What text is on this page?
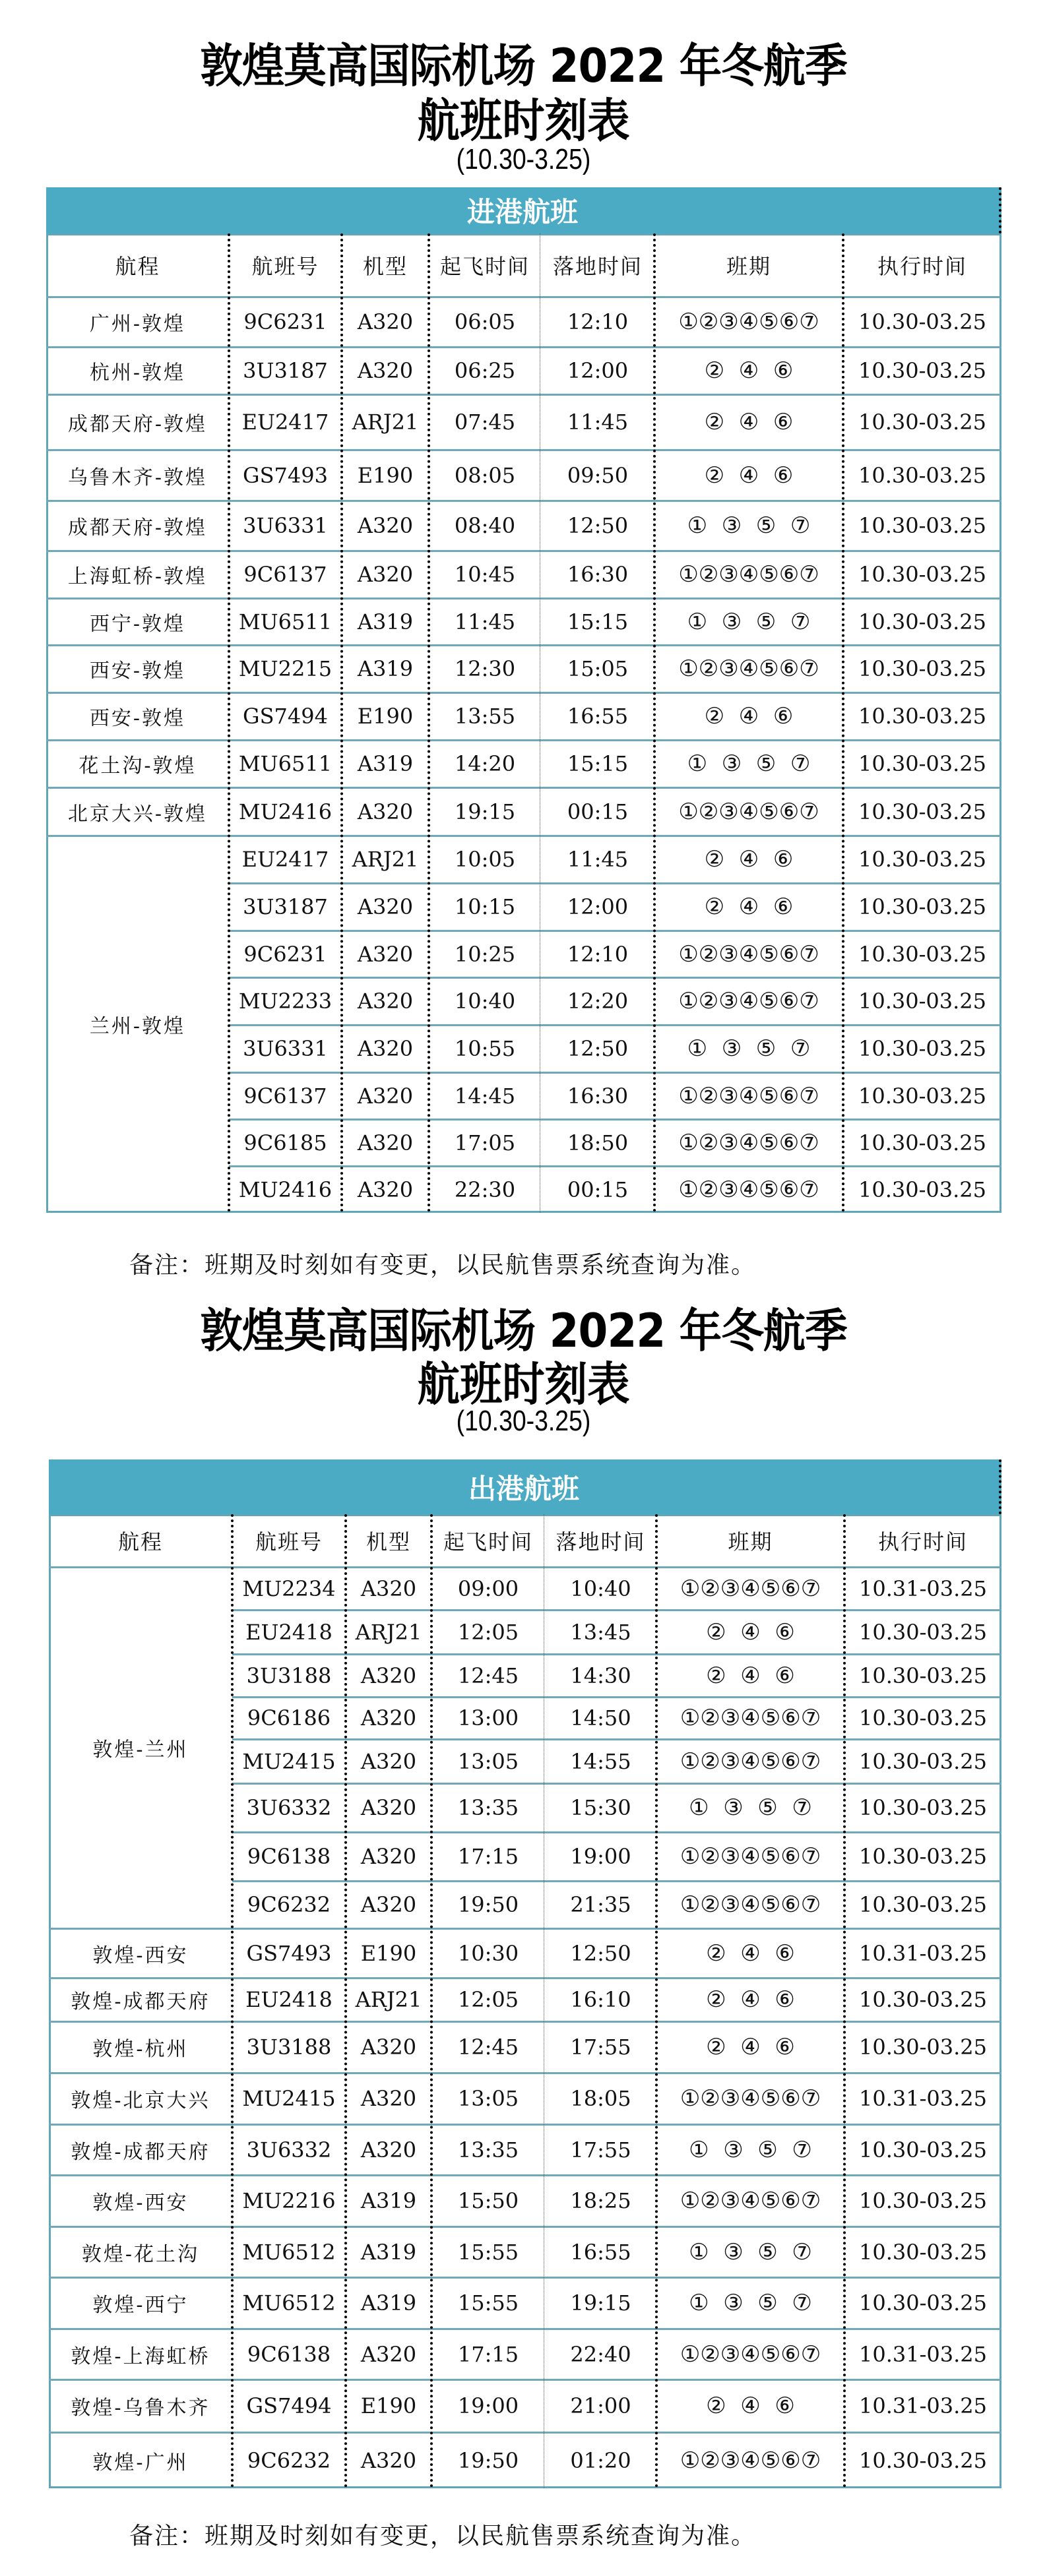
敦煌莫高国际机场 2022 年冬航季
航班时刻表
(10.30-3.25)
进港航班
航程	航班号	机型	起飞时间	落地时间	班期	执行时间
广州-敦煌	9C6231	A320	06:05	12:10	①②③④⑤⑥⑦	10.30-03.25
杭州-敦煌	3U3187	A320	06:25	12:00	②  ④  ⑥	10.30-03.25
成都天府-敦煌	EU2417	ARJ21	07:45	11:45	②  ④  ⑥	10.30-03.25
乌鲁木齐-敦煌	GS7493	E190	08:05	09:50	②  ④  ⑥	10.30-03.25
成都天府-敦煌	3U6331	A320	08:40	12:50	①  ③  ⑤  ⑦	10.30-03.25
上海虹桥-敦煌	9C6137	A320	10:45	16:30	①②③④⑤⑥⑦	10.30-03.25
西宁-敦煌	MU6511	A319	11:45	15:15	①  ③  ⑤  ⑦	10.30-03.25
西安-敦煌	MU2215	A319	12:30	15:05	①②③④⑤⑥⑦	10.30-03.25
西安-敦煌	GS7494	E190	13:55	16:55	②  ④  ⑥	10.30-03.25
花土沟-敦煌	MU6511	A319	14:20	15:15	①  ③  ⑤  ⑦	10.30-03.25
北京大兴-敦煌	MU2416	A320	19:15	00:15	①②③④⑤⑥⑦	10.30-03.25
兰州-敦煌
EU2417	ARJ21	10:05	11:45	②  ④  ⑥	10.30-03.25
3U3187	A320	10:15	12:00	②  ④  ⑥	10.30-03.25
9C6231	A320	10:25	12:10	①②③④⑤⑥⑦	10.30-03.25
MU2233	A320	10:40	12:20	①②③④⑤⑥⑦	10.30-03.25
3U6331	A320	10:55	12:50	①  ③  ⑤  ⑦	10.30-03.25
9C6137	A320	14:45	16:30	①②③④⑤⑥⑦	10.30-03.25
9C6185	A320	17:05	18:50	①②③④⑤⑥⑦	10.30-03.25
MU2416	A320	22:30	00:15	①②③④⑤⑥⑦	10.30-03.25
备注：班期及时刻如有变更，以民航售票系统查询为准。
敦煌莫高国际机场 2022 年冬航季
航班时刻表
(10.30-3.25)
出港航班
航程	航班号	机型	起飞时间	落地时间	班期	执行时间
敦煌-兰州
MU2234	A320	09:00	10:40	①②③④⑤⑥⑦	10.31-03.25
EU2418	ARJ21	12:05	13:45	②  ④  ⑥	10.30-03.25
3U3188	A320	12:45	14:30	②  ④  ⑥	10.30-03.25
9C6186	A320	13:00	14:50	①②③④⑤⑥⑦	10.30-03.25
MU2415	A320	13:05	14:55	①②③④⑤⑥⑦	10.30-03.25
3U6332	A320	13:35	15:30	①  ③  ⑤  ⑦	10.30-03.25
9C6138	A320	17:15	19:00	①②③④⑤⑥⑦	10.30-03.25
9C6232	A320	19:50	21:35	①②③④⑤⑥⑦	10.30-03.25
敦煌-西安	GS7493	E190	10:30	12:50	②  ④  ⑥	10.31-03.25
敦煌-成都天府	EU2418	ARJ21	12:05	16:10	②  ④  ⑥	10.30-03.25
敦煌-杭州	3U3188	A320	12:45	17:55	②  ④  ⑥	10.30-03.25
敦煌-北京大兴	MU2415	A320	13:05	18:05	①②③④⑤⑥⑦	10.31-03.25
敦煌-成都天府	3U6332	A320	13:35	17:55	①  ③  ⑤  ⑦	10.30-03.25
敦煌-西安	MU2216	A319	15:50	18:25	①②③④⑤⑥⑦	10.30-03.25
敦煌-花土沟	MU6512	A319	15:55	16:55	①  ③  ⑤  ⑦	10.30-03.25
敦煌-西宁	MU6512	A319	15:55	19:15	①  ③  ⑤  ⑦	10.30-03.25
敦煌-上海虹桥	9C6138	A320	17:15	22:40	①②③④⑤⑥⑦	10.31-03.25
敦煌-乌鲁木齐	GS7494	E190	19:00	21:00	②  ④  ⑥	10.31-03.25
敦煌-广州	9C6232	A320	19:50	01:20	①②③④⑤⑥⑦	10.30-03.25
备注：班期及时刻如有变更，以民航售票系统查询为准。
